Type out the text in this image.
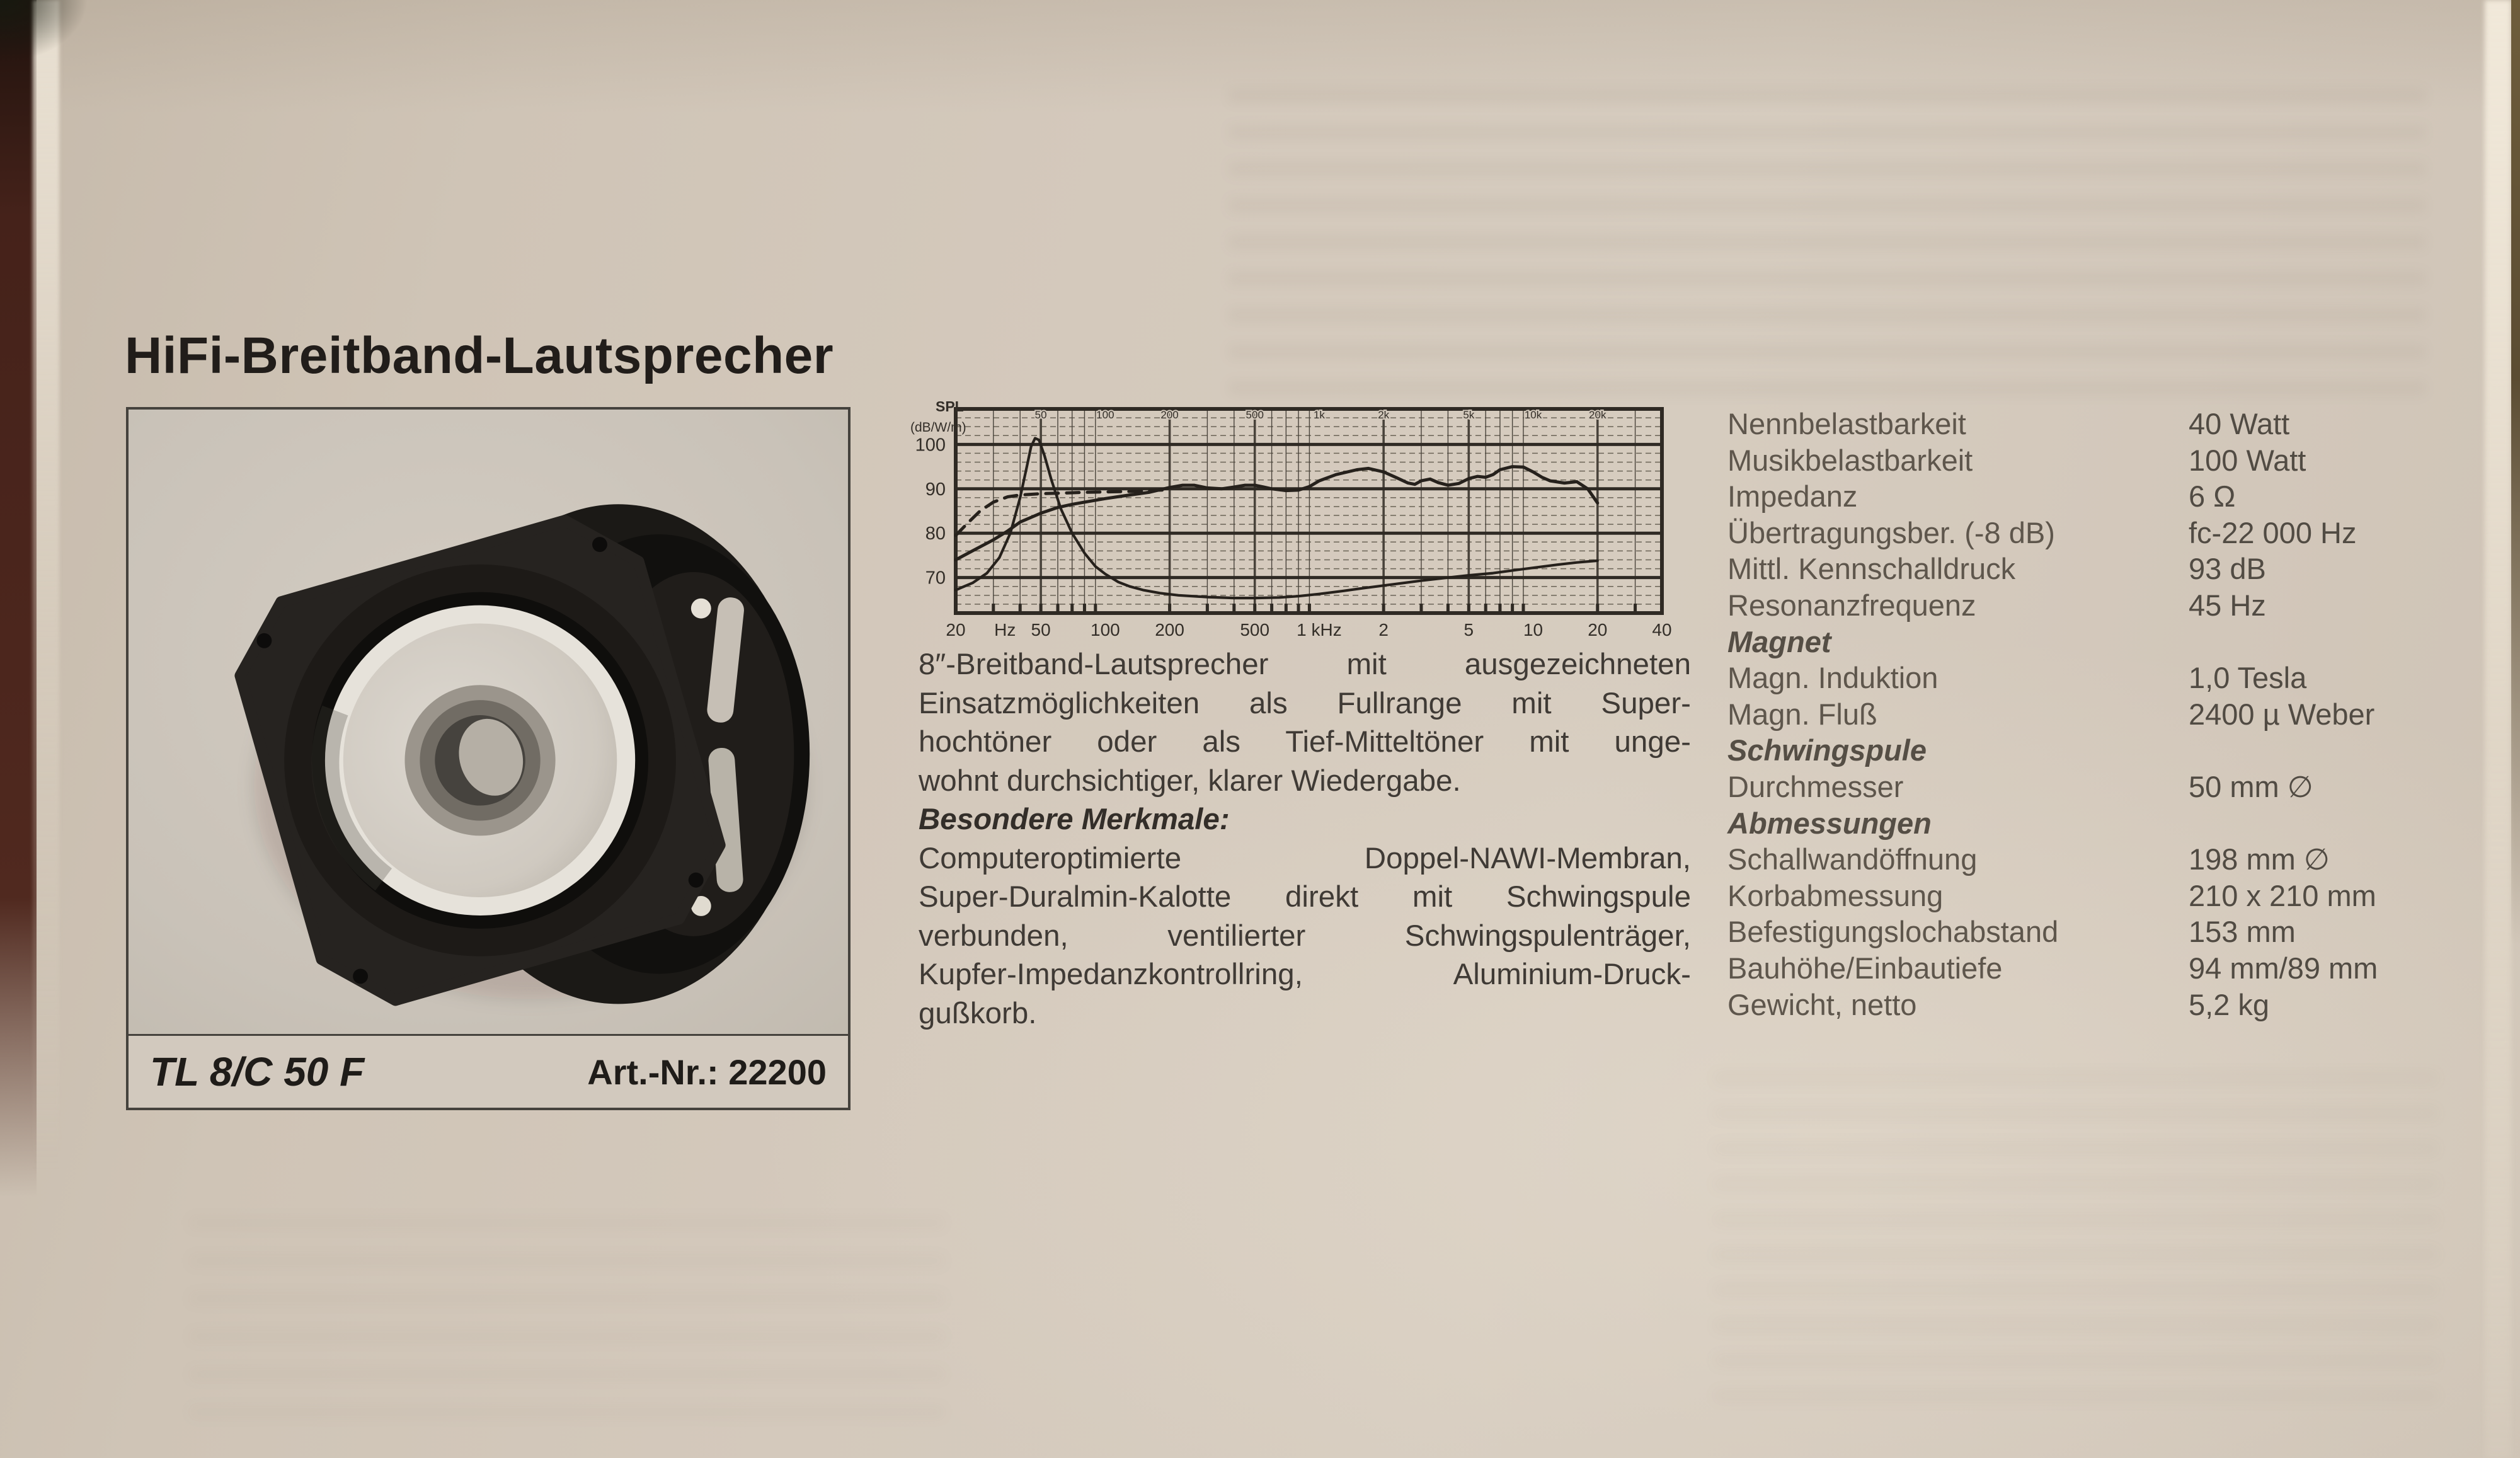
HiFi-Breitband-Lautsprecher
TL 8/C 50 F	Art.-Nr.: 22200
70
80
90
100
50	100	200	500	1k	2k	5k	10k	20k
20 Hz 50 100 200	500 1 kHz 2	5	10	20	40
SPL
(dB/W/m)
8″-Breitband-Lautsprecher mit ausgezeichneten
Einsatzmöglichkeiten als Fullrange mit Super-
hochtöner oder als Tief-Mitteltöner mit unge-
wohnt durchsichtiger, klarer Wiedergabe.
Besondere Merkmale:
Computeroptimierte Doppel-NAWI-Membran,
Super-Duralmin-Kalotte direkt mit Schwingspule
verbunden, ventilierter Schwingspulenträger,
Kupfer-Impedanzkontrollring, Aluminium-Druck-
gußkorb.
Nennbelastbarkeit	40 Watt
Musikbelastbarkeit	100 Watt
Impedanz	6 Ω
Übertragungsber. (-8 dB)	fc-22 000 Hz
Mittl. Kennschalldruck	93 dB
Resonanzfrequenz	45 Hz
Magnet
Magn. Induktion	1,0 Tesla
Magn. Fluß	2400 µ Weber
Schwingspule
Durchmesser	50 mm ∅
Abmessungen
Schallwandöffnung	198 mm ∅
Korbabmessung	210 x 210 mm
Befestigungslochabstand	153 mm
Bauhöhe/Einbautiefe	94 mm/89 mm
Gewicht, netto	5,2 kg
